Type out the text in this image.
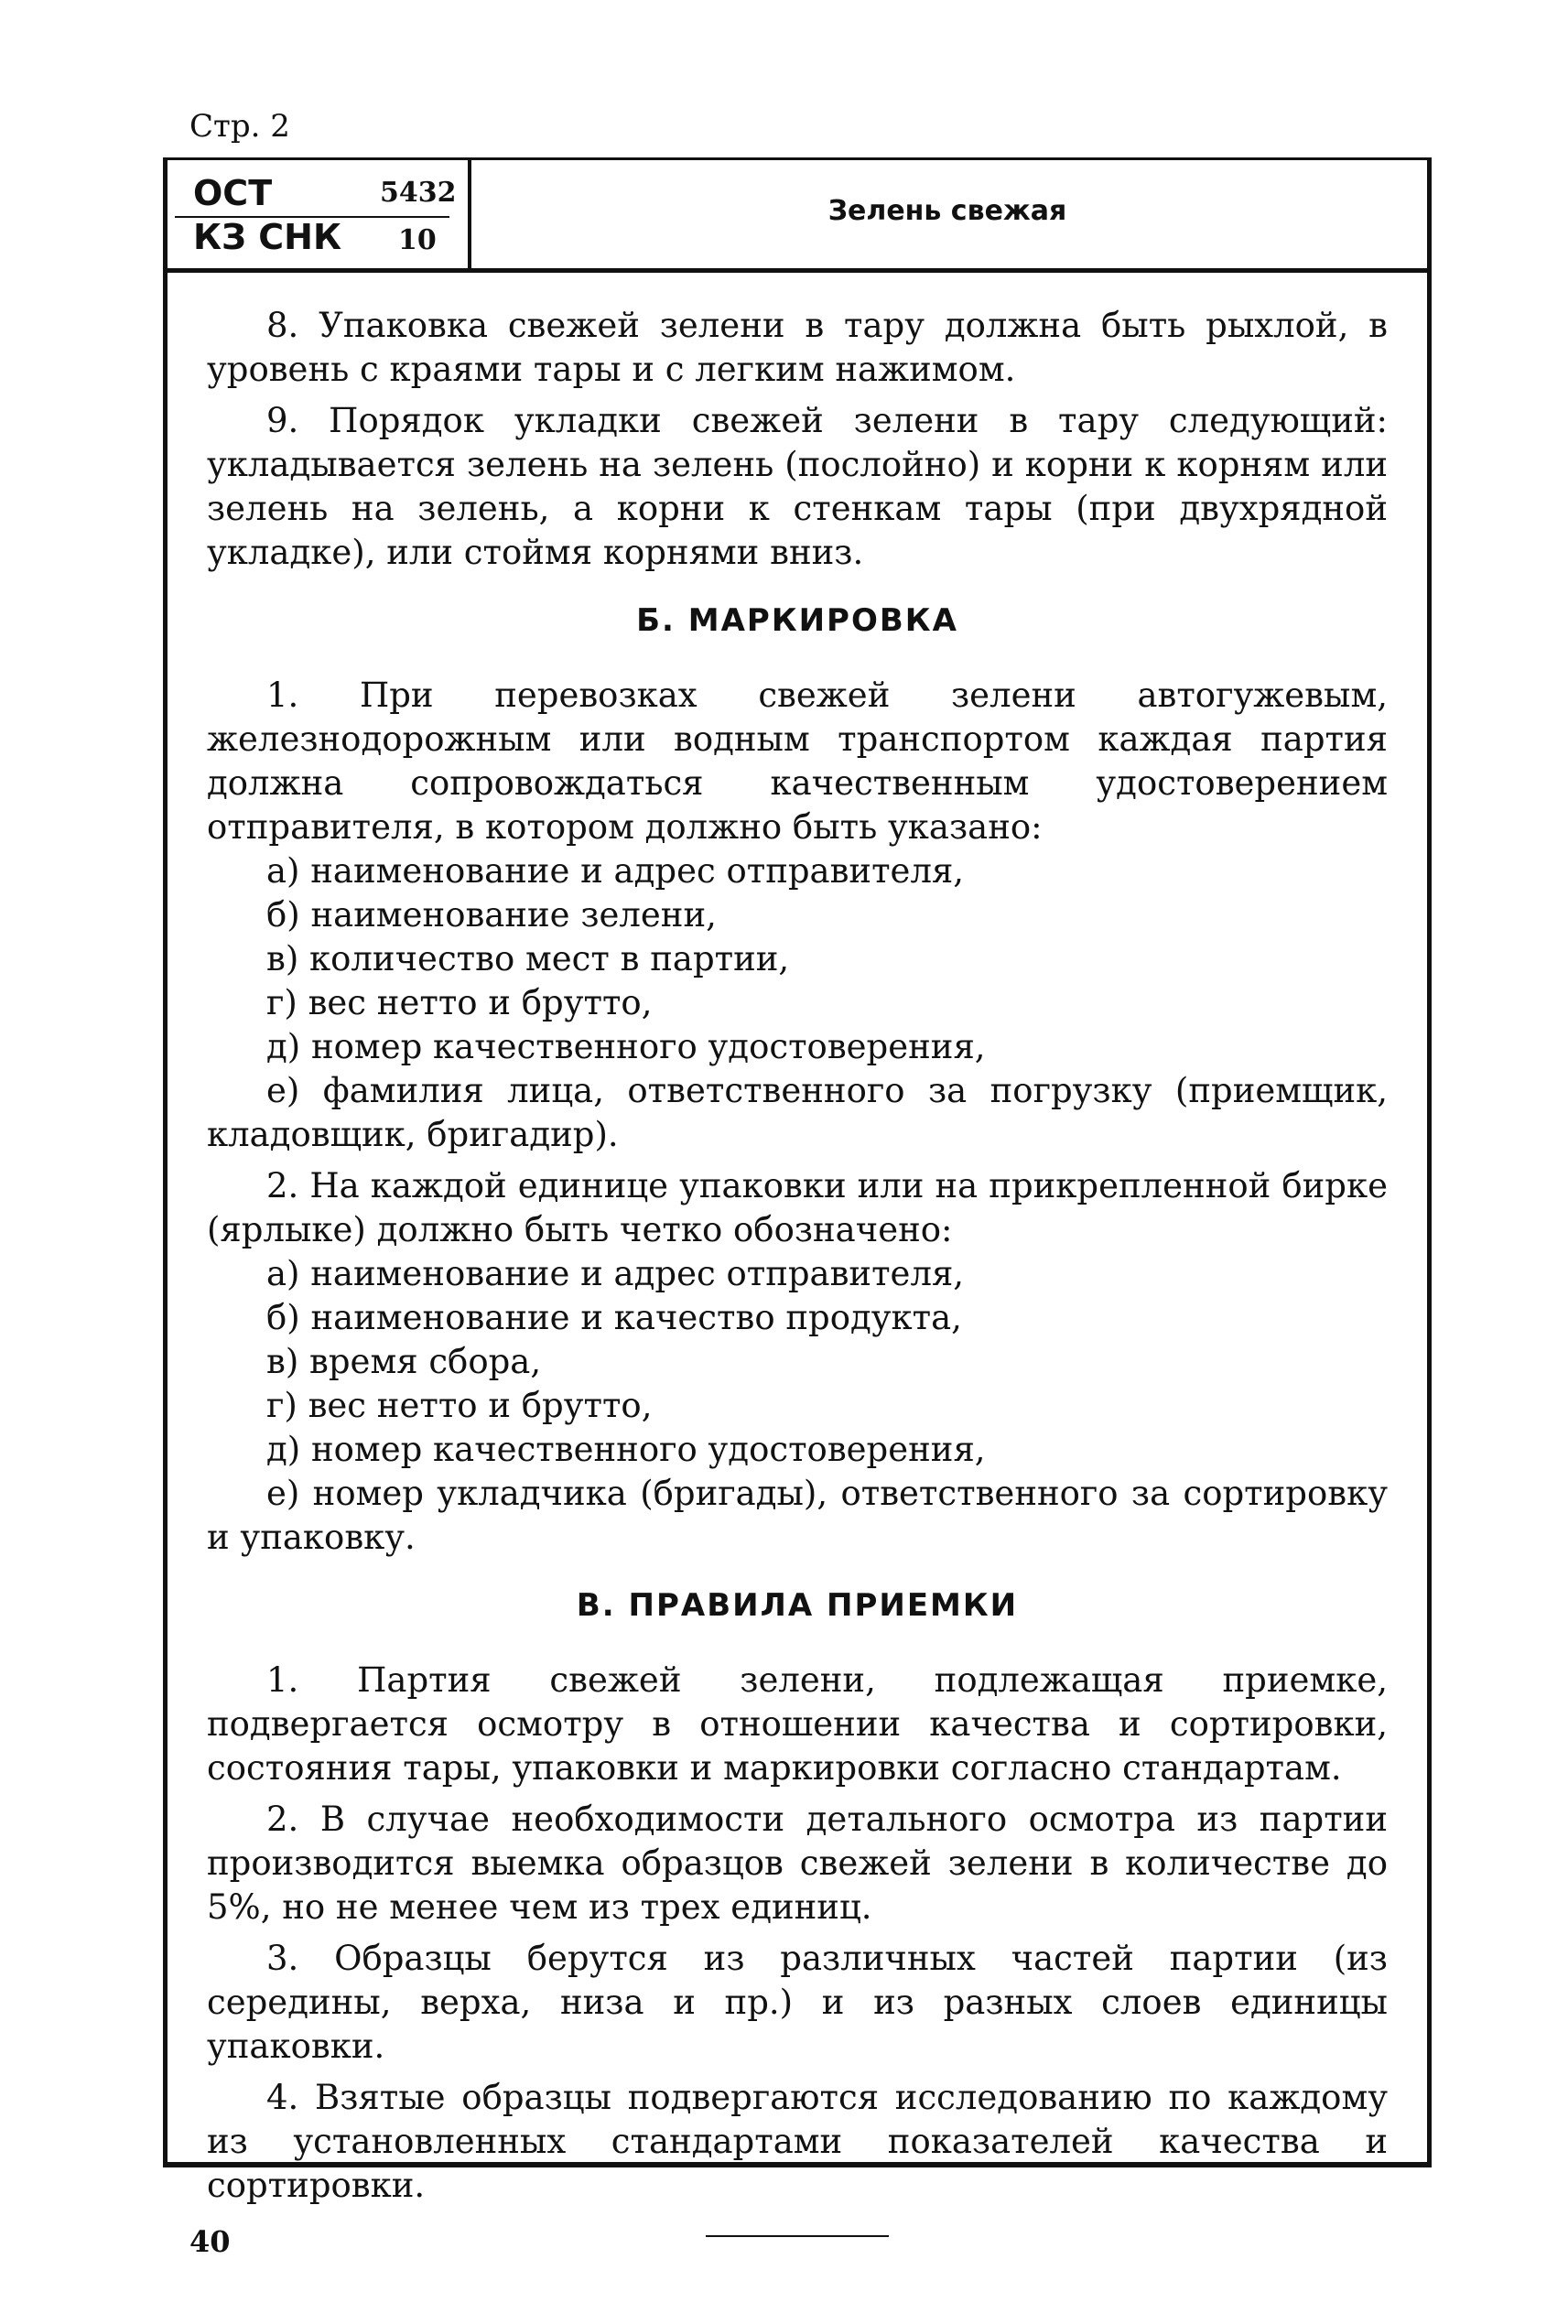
Стр. 2
ОСТ	5432
КЗ СНК 10
Зелень свежая

8. Упаковка свежей зелени в тару должна быть рыхлой, в уровень с краями тары и с легким нажимом.

9. Порядок укладки свежей зелени в тару следующий: укладывается зелень на зелень (послойно) и корни к корням или зелень на зелень, а корни к стенкам тары (при двухрядной укладке), или стоймя корнями вниз.

Б. МАРКИРОВКА

1. При перевозках свежей зелени автогужевым, железнодорожным или водным транспортом каждая партия должна сопровождаться качественным удостоверением отправителя, в котором должно быть указано:

а) наименование и адрес отправителя,

б) наименование зелени,

в) количество мест в партии,

г) вес нетто и брутто,

д) номер качественного удостоверения,

е) фамилия лица, ответственного за погрузку (приемщик, кладовщик, бригадир).

2. На каждой единице упаковки или на прикрепленной бирке (ярлыке) должно быть четко обозначено:

а) наименование и адрес отправителя,

б) наименование и качество продукта,

в) время сбора,

г) вес нетто и брутто,

д) номер качественного удостоверения,

е) номер укладчика (бригады), ответственного за сортировку и упаковку.

В. ПРАВИЛА ПРИЕМКИ

1. Партия свежей зелени, подлежащая приемке, подвергается осмотру в отношении качества и сортировки, состояния тары, упаковки и маркировки согласно стандартам.

2. В случае необходимости детального осмотра из партии производится выемка образцов свежей зелени в количестве до 5%, но не менее чем из трех единиц.

3. Образцы берутся из различных частей партии (из середины, верха, низа и пр.) и из разных слоев единицы упаковки.

4. Взятые образцы подвергаются исследованию по каждому из установленных стандартами показателей качества и сортировки.

40
